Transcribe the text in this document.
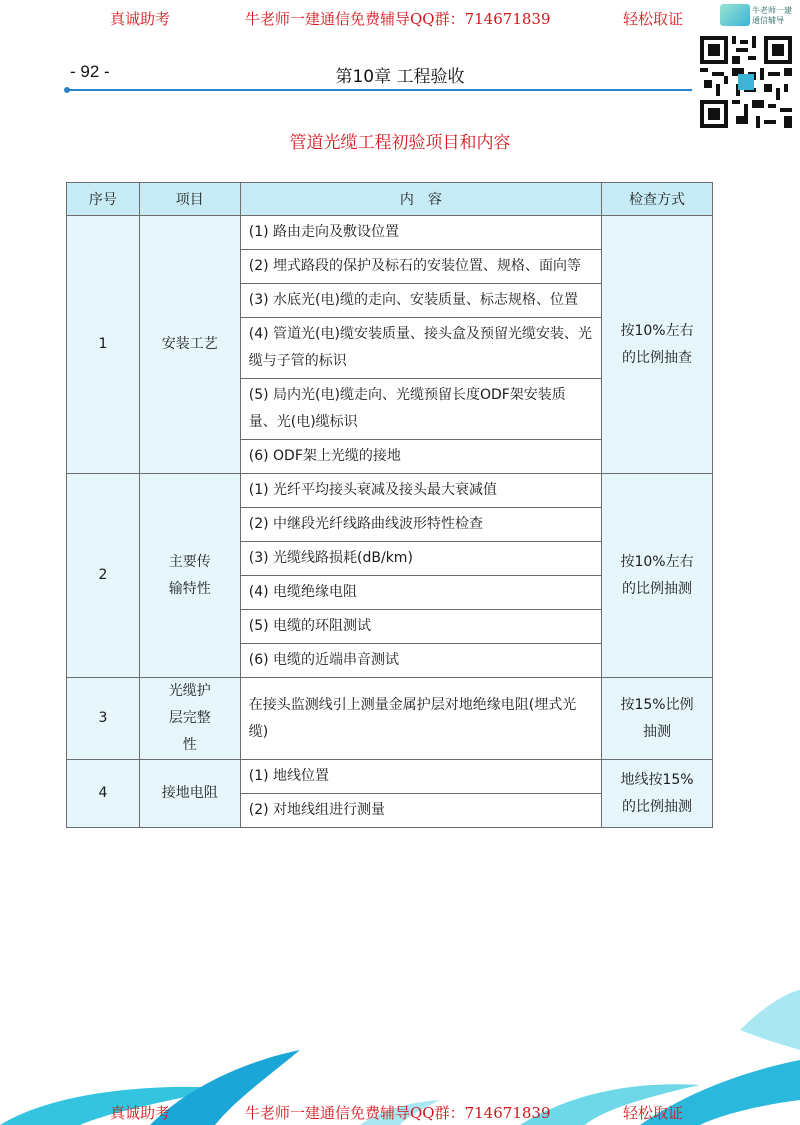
真诚助考	牛老师一建通信免费辅导QQ群：714671839	轻松取证	牛老师一建
通信辅导
- 92 -	第10章 工程验收
管道光缆工程初验项目和内容
序号	项目	内　容	检查方式
1	安装工艺	(1) 路由走向及敷设位置	按10%左右的比例抽查
		(2) 埋式路段的保护及标石的安装位置、规格、面向等	
		(3) 水底光(电)缆的走向、安装质量、标志规格、位置	
		(4) 管道光(电)缆安装质量、接头盒及预留光缆安装、光缆与子管的标识	
		(5) 局内光(电)缆走向、光缆预留长度ODF架安装质量、光(电)缆标识	
		(6) ODF架上光缆的接地	
2	主要传输特性	(1) 光纤平均接头衰减及接头最大衰减值	按10%左右的比例抽测
		(2) 中继段光纤线路曲线波形特性检查	
		(3) 光缆线路损耗(dB/km)	
		(4) 电缆绝缘电阻	
		(5) 电缆的环阻测试	
		(6) 电缆的近端串音测试	
3	光缆护层完整性	在接头监测线引上测量金属护层对地绝缘电阻(埋式光缆)	按15%比例抽测
4	接地电阻	(1) 地线位置	地线按15%的比例抽测
		(2) 对地线组进行测量	
真诚助考	牛老师一建通信免费辅导QQ群：714671839	轻松取证
